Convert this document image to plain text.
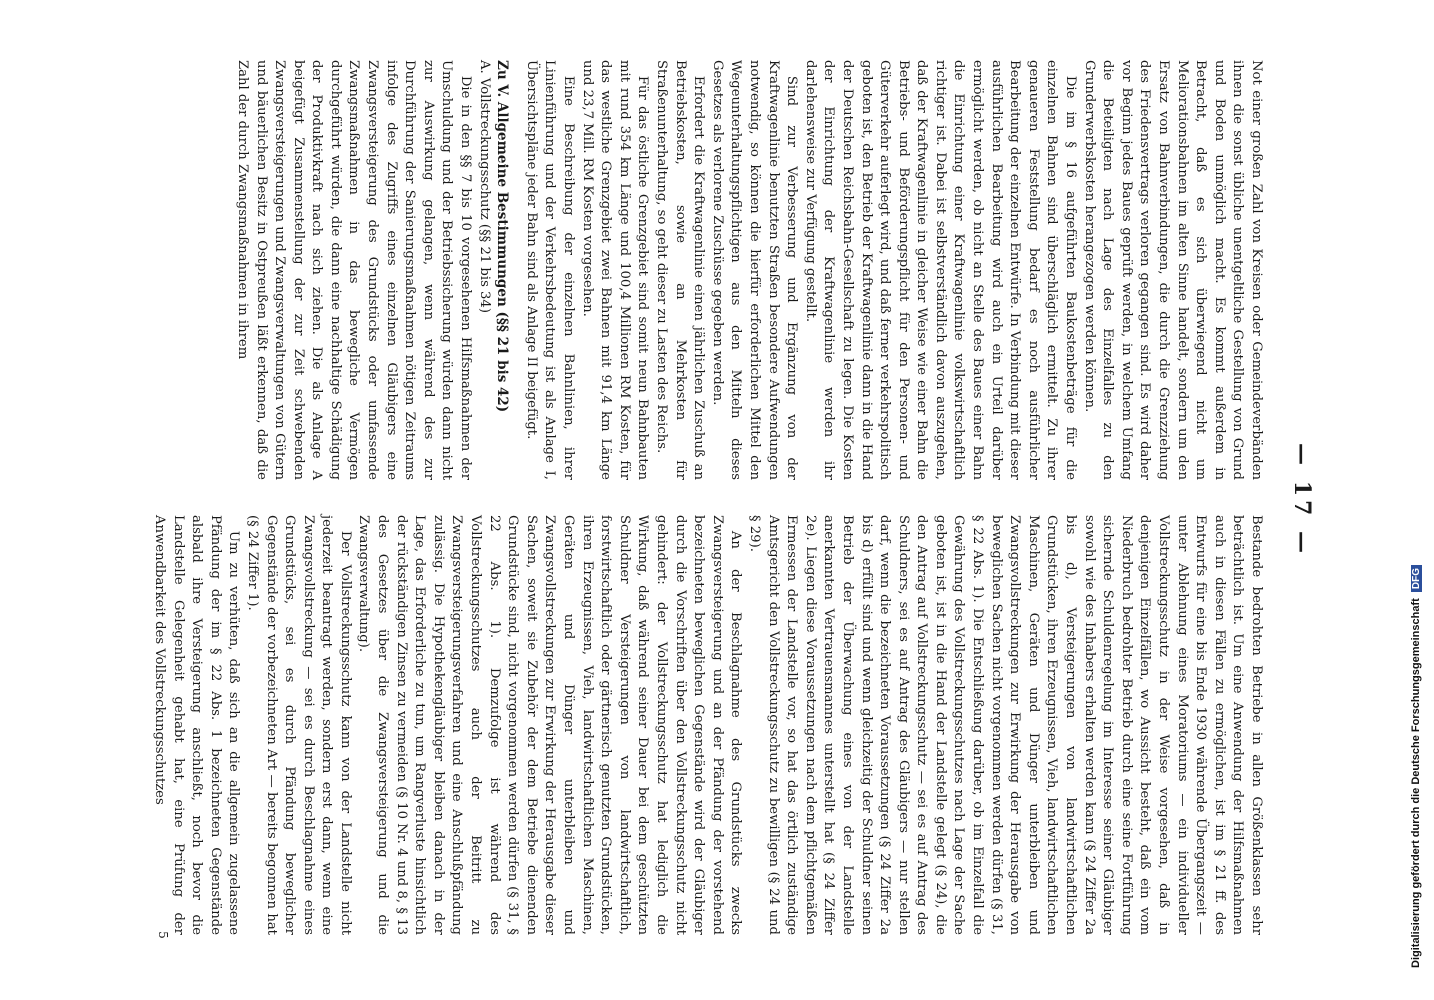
— 17 —

Not einer großen Zahl von Kreisen oder Gemeindeverbänden ihnen die sonst übliche unentgeltliche Gestellung von Grund und Boden unmöglich macht. Es kommt außerdem in Betracht, daß es sich überwiegend nicht um Meliorationsbahnen im alten Sinne handelt, sondern um den Ersatz von Bahnverbindungen, die durch die Grenzziehung des Friedensvertrags verloren gegangen sind. Es wird daher vor Beginn jedes Baues geprüft werden, in welchem Umfang die Beteiligten nach Lage des Einzelfalles zu den Grunderwerbskosten herangezogen werden können.

Die im § 16 aufgeführten Baukostenbeträge für die einzelnen Bahnen sind überschläglich ermittelt. Zu ihrer genaueren Feststellung bedarf es noch ausführlicher Bearbeitung der einzelnen Entwürfe. In Verbindung mit dieser ausführlichen Bearbeitung wird auch ein Urteil darüber ermöglicht werden, ob nicht an Stelle des Baues einer Bahn die Einrichtung einer Kraftwagenlinie volkswirtschaftlich richtiger ist. Dabei ist selbstverständlich davon auszugehen, daß der Kraftwagenlinie in gleicher Weise wie einer Bahn die Betriebs- und Beförderungspflicht für den Personen- und Güterverkehr auferlegt wird, und daß ferner verkehrspolitisch geboten ist, den Betrieb der Kraftwagenlinie dann in die Hand der Deutschen Reichsbahn-Gesellschaft zu legen. Die Kosten der Einrichtung der Kraftwagenlinie werden ihr darlehensweise zur Verfügung gestellt.

Sind zur Verbesserung und Ergänzung von der Kraftwagenlinie benutzten Straßen besondere Aufwendungen notwendig, so können die hierfür erforderlichen Mittel den Wegeunterhaltungspflichtigen aus den Mitteln dieses Gesetzes als verlorene Zuschüsse gegeben werden.

Erfordert die Kraftwagenlinie einen jährlichen Zuschuß an Betriebskosten, sowie an Mehrkosten für Straßenunterhaltung, so geht dieser zu Lasten des Reichs.

Für das östliche Grenzgebiet sind somit neun Bahnbauten mit rund 354 km Länge und 100,4 Millionen RM Kosten, für das westliche Grenzgebiet zwei Bahnen mit 91,4 km Länge und 23,7 Mill. RM Kosten vorgesehen.

Eine Beschreibung der einzelnen Bahnlinien, ihrer Linienführung und der Verkehrsbedeutung ist als Anlage I, Übersichtspläne jeder Bahn sind als Anlage II beigefügt.

Zu V. Allgemeine Bestimmungen (§§ 21 bis 42)

A. Vollstreckungsschutz (§§ 21 bis 34)

Die in den §§ 7 bis 10 vorgesehenen Hilfsmaßnahmen der Umschuldung und der Betriebssicherung würden dann nicht zur Auswirkung gelangen, wenn während des zur Durchführung der Sanierungsmaßnahmen nötigen Zeitraums infolge des Zugriffs eines einzelnen Gläubigers eine Zwangsversteigerung des Grundstücks oder umfassende Zwangsmaßnahmen in das bewegliche Vermögen durchgeführt würden, die dann eine nachhaltige Schädigung der Produktivkraft nach sich ziehen. Die als Anlage A beigefügt Zusammenstellung der zur Zeit schwebenden Zwangsversteigerungen und Zwangsverwaltungen von Gütern und bäuerlichen Besitz in Ostpreußen läßt erkennen, daß die Zahl der durch Zwangsmaßnahmen in ihrem

Bestande bedrohten Betriebe in allen Größenklassen sehr beträchtlich ist. Um eine Anwendung der Hilfsmaßnahmen auch in diesen Fällen zu ermöglichen, ist im § 21 ff. des Entwurfs für eine bis Ende 1930 währende Übergangszeit — unter Ablehnung eines Moratoriums — ein individueller Vollstreckungsschutz in der Weise vorgesehen, daß in denjenigen Einzelfällen, wo Aussicht besteht, daß ein vom Niederbruch bedrohter Betrieb durch eine seine Fortführung sichernde Schuldenregelung im Interesse seiner Gläubiger sowohl wie des Inhabers erhalten werden kann (§ 24 Ziffer 2a bis d), Versteigerungen von landwirtschaftlichen Grundstücken, ihren Erzeugnissen, Vieh, landwirtschaftlichen Maschinen, Geräten und Dünger unterbleiben und Zwangsvollstreckungen zur Erwirkung der Herausgabe von beweglichen Sachen nicht vorgenommen werden dürfen (§ 31, § 22 Abs. 1). Die Entschließung darüber, ob im Einzelfall die Gewährung des Vollstreckungsschutzes nach Lage der Sache geboten ist, ist in die Hand der Landstelle gelegt (§ 24), die den Antrag auf Vollstreckungsschutz — sei es auf Antrag des Schuldners, sei es auf Antrag des Gläubigers — nur stellen darf, wenn die bezeichneten Voraussetzungen (§ 24 Ziffer 2a bis d) erfüllt sind und wenn gleichzeitig der Schuldner seinen Betrieb der Überwachung eines von der Landstelle anerkannten Vertrauensmannes unterstellt hat (§ 24 Ziffer 2e). Liegen diese Voraussetzungen nach dem pflichtgemäßen Ermessen der Landstelle vor, so hat das örtlich zuständige Amtsgericht den Vollstreckungsschutz zu bewilligen (§ 24 und § 29).

An der Beschlagnahme des Grundstücks zwecks Zwangsversteigerung und an der Pfändung der vorstehend bezeichneten beweglichen Gegenstände wird der Gläubiger durch die Vorschriften über den Vollstreckungsschutz nicht gehindert: der Vollstreckungsschutz hat lediglich die Wirkung, daß während seiner Dauer bei dem geschützten Schuldner Versteigerungen von landwirtschaftlich, forstwirtschaftlich oder gärtnerisch genutzten Grundstücken, ihren Erzeugnissen, Vieh, landwirtschaftlichen Maschinen, Geräten und Dünger unterbleiben und Zwangsvollstreckungen zur Erwirkung der Herausgabe dieser Sachen, soweit sie Zubehör der dem Betriebe dienenden Grundstücke sind, nicht vorgenommen werden dürfen (§ 31, § 22 Abs. 1). Demzufolge ist während des Vollstreckungsschutzes auch der Beitritt zu Zwangsversteigerungsverfahren und eine Anschlußpfändung zulässig. Die Hypothekengläubiger bleiben danach in der Lage, das Erforderliche zu tun, um Rangverluste hinsichtlich der rückständigen Zinsen zu vermeiden (§ 10 Nr. 4 und 8, § 13 des Gesetzes über die Zwangsversteigerung und die Zwangsverwaltung).

Der Vollstreckungsschutz kann von der Landstelle nicht jederzeit beantragt werden, sondern erst dann, wenn eine Zwangsvollstreckung — sei es durch Beschlagnahme eines Grundstücks, sei es durch Pfändung beweglicher Gegenstände der vorbezeichneten Art — bereits begonnen hat (§ 24 Ziffer 1).

Um zu verhüten, daß sich an die allgemein zugelassene Pfändung der im § 22 Abs. 1 bezeichneten Gegenstände alsbald ihre Versteigerung anschließt, noch bevor die Landstelle Gelegenheit gehabt hat, eine Prüfung der Anwendbarkeit des Vollstreckungsschutzes

5	Digitalisierung gefördert durch die Deutsche Forschungsgemeinschaft DFG
